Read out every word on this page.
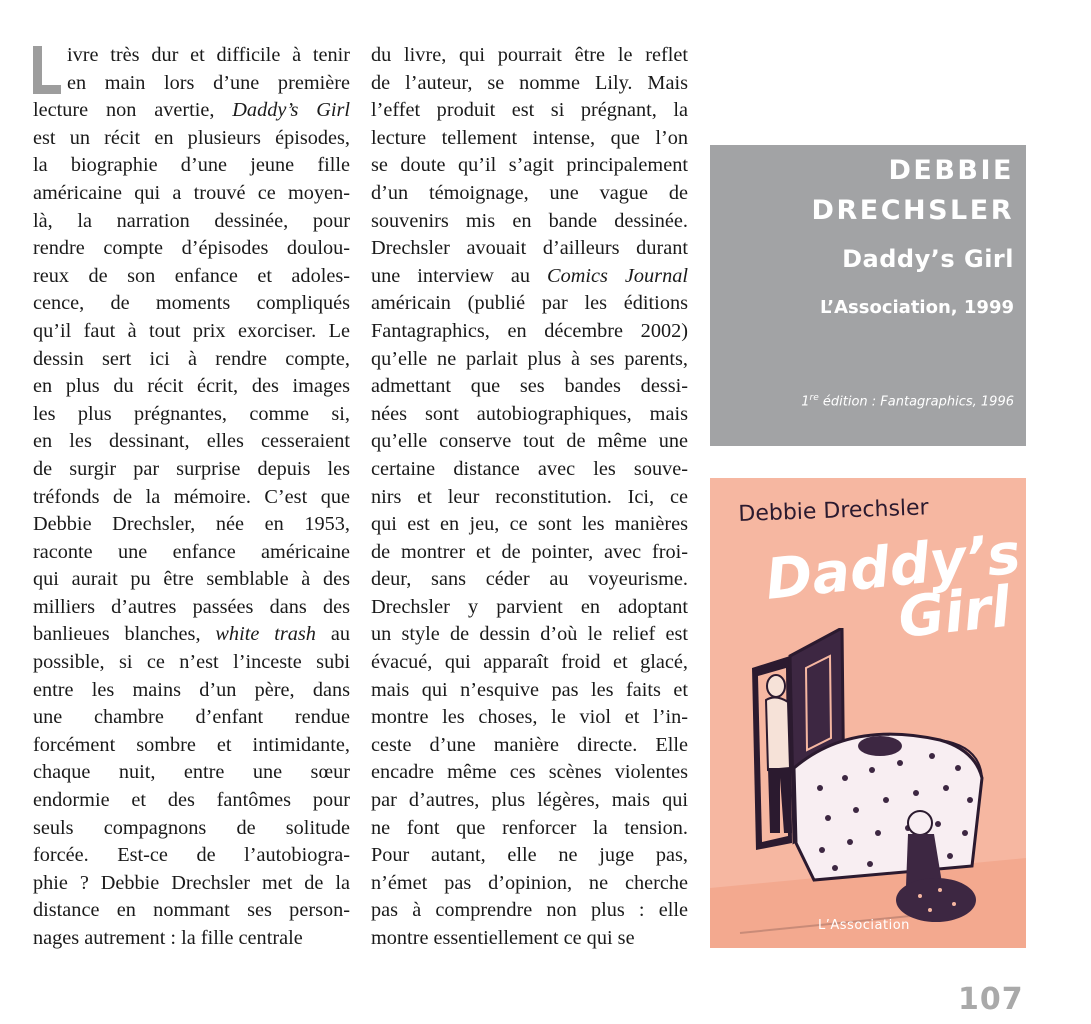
ivre très dur et difficile à tenir
en main lors d’une première
lecture non avertie, Daddy’s Girl
est un récit en plusieurs épisodes,
la biographie d’une jeune fille
américaine qui a trouvé ce moyen-
là, la narration dessinée, pour
rendre compte d’épisodes doulou-
reux de son enfance et adoles-
cence, de moments compliqués
qu’il faut à tout prix exorciser. Le
dessin sert ici à rendre compte,
en plus du récit écrit, des images
les plus prégnantes, comme si,
en les dessinant, elles cesseraient
de surgir par surprise depuis les
tréfonds de la mémoire. C’est que
Debbie Drechsler, née en 1953,
raconte une enfance américaine
qui aurait pu être semblable à des
milliers d’autres passées dans des
banlieues blanches, white trash au
possible, si ce n’est l’inceste subi
entre les mains d’un père, dans
une chambre d’enfant rendue
forcément sombre et intimidante,
chaque nuit, entre une sœur
endormie et des fantômes pour
seuls compagnons de solitude
forcée. Est-ce de l’autobiogra-
phie ? Debbie Drechsler met de la
distance en nommant ses person-
nages autrement : la fille centrale
du livre, qui pourrait être le reflet
de l’auteur, se nomme Lily. Mais
l’effet produit est si prégnant, la
lecture tellement intense, que l’on
se doute qu’il s’agit principalement
d’un témoignage, une vague de
souvenirs mis en bande dessinée.
Drechsler avouait d’ailleurs durant
une interview au Comics Journal
américain (publié par les éditions
Fantagraphics, en décembre 2002)
qu’elle ne parlait plus à ses parents,
admettant que ses bandes dessi-
nées sont autobiographiques, mais
qu’elle conserve tout de même une
certaine distance avec les souve-
nirs et leur reconstitution. Ici, ce
qui est en jeu, ce sont les manières
de montrer et de pointer, avec froi-
deur, sans céder au voyeurisme.
Drechsler y parvient en adoptant
un style de dessin d’où le relief est
évacué, qui apparaît froid et glacé,
mais qui n’esquive pas les faits et
montre les choses, le viol et l’in-
ceste d’une manière directe. Elle
encadre même ces scènes violentes
par d’autres, plus légères, mais qui
ne font que renforcer la tension.
Pour autant, elle ne juge pas,
n’émet pas d’opinion, ne cherche
pas à comprendre non plus : elle
montre essentiellement ce qui se
DEBBIE
DRECHSLER
Daddy’s Girl
L’Association, 1999
1re édition : Fantagraphics, 1996
Debbie Drechsler
Daddy’s
Girl
L’Association
107
